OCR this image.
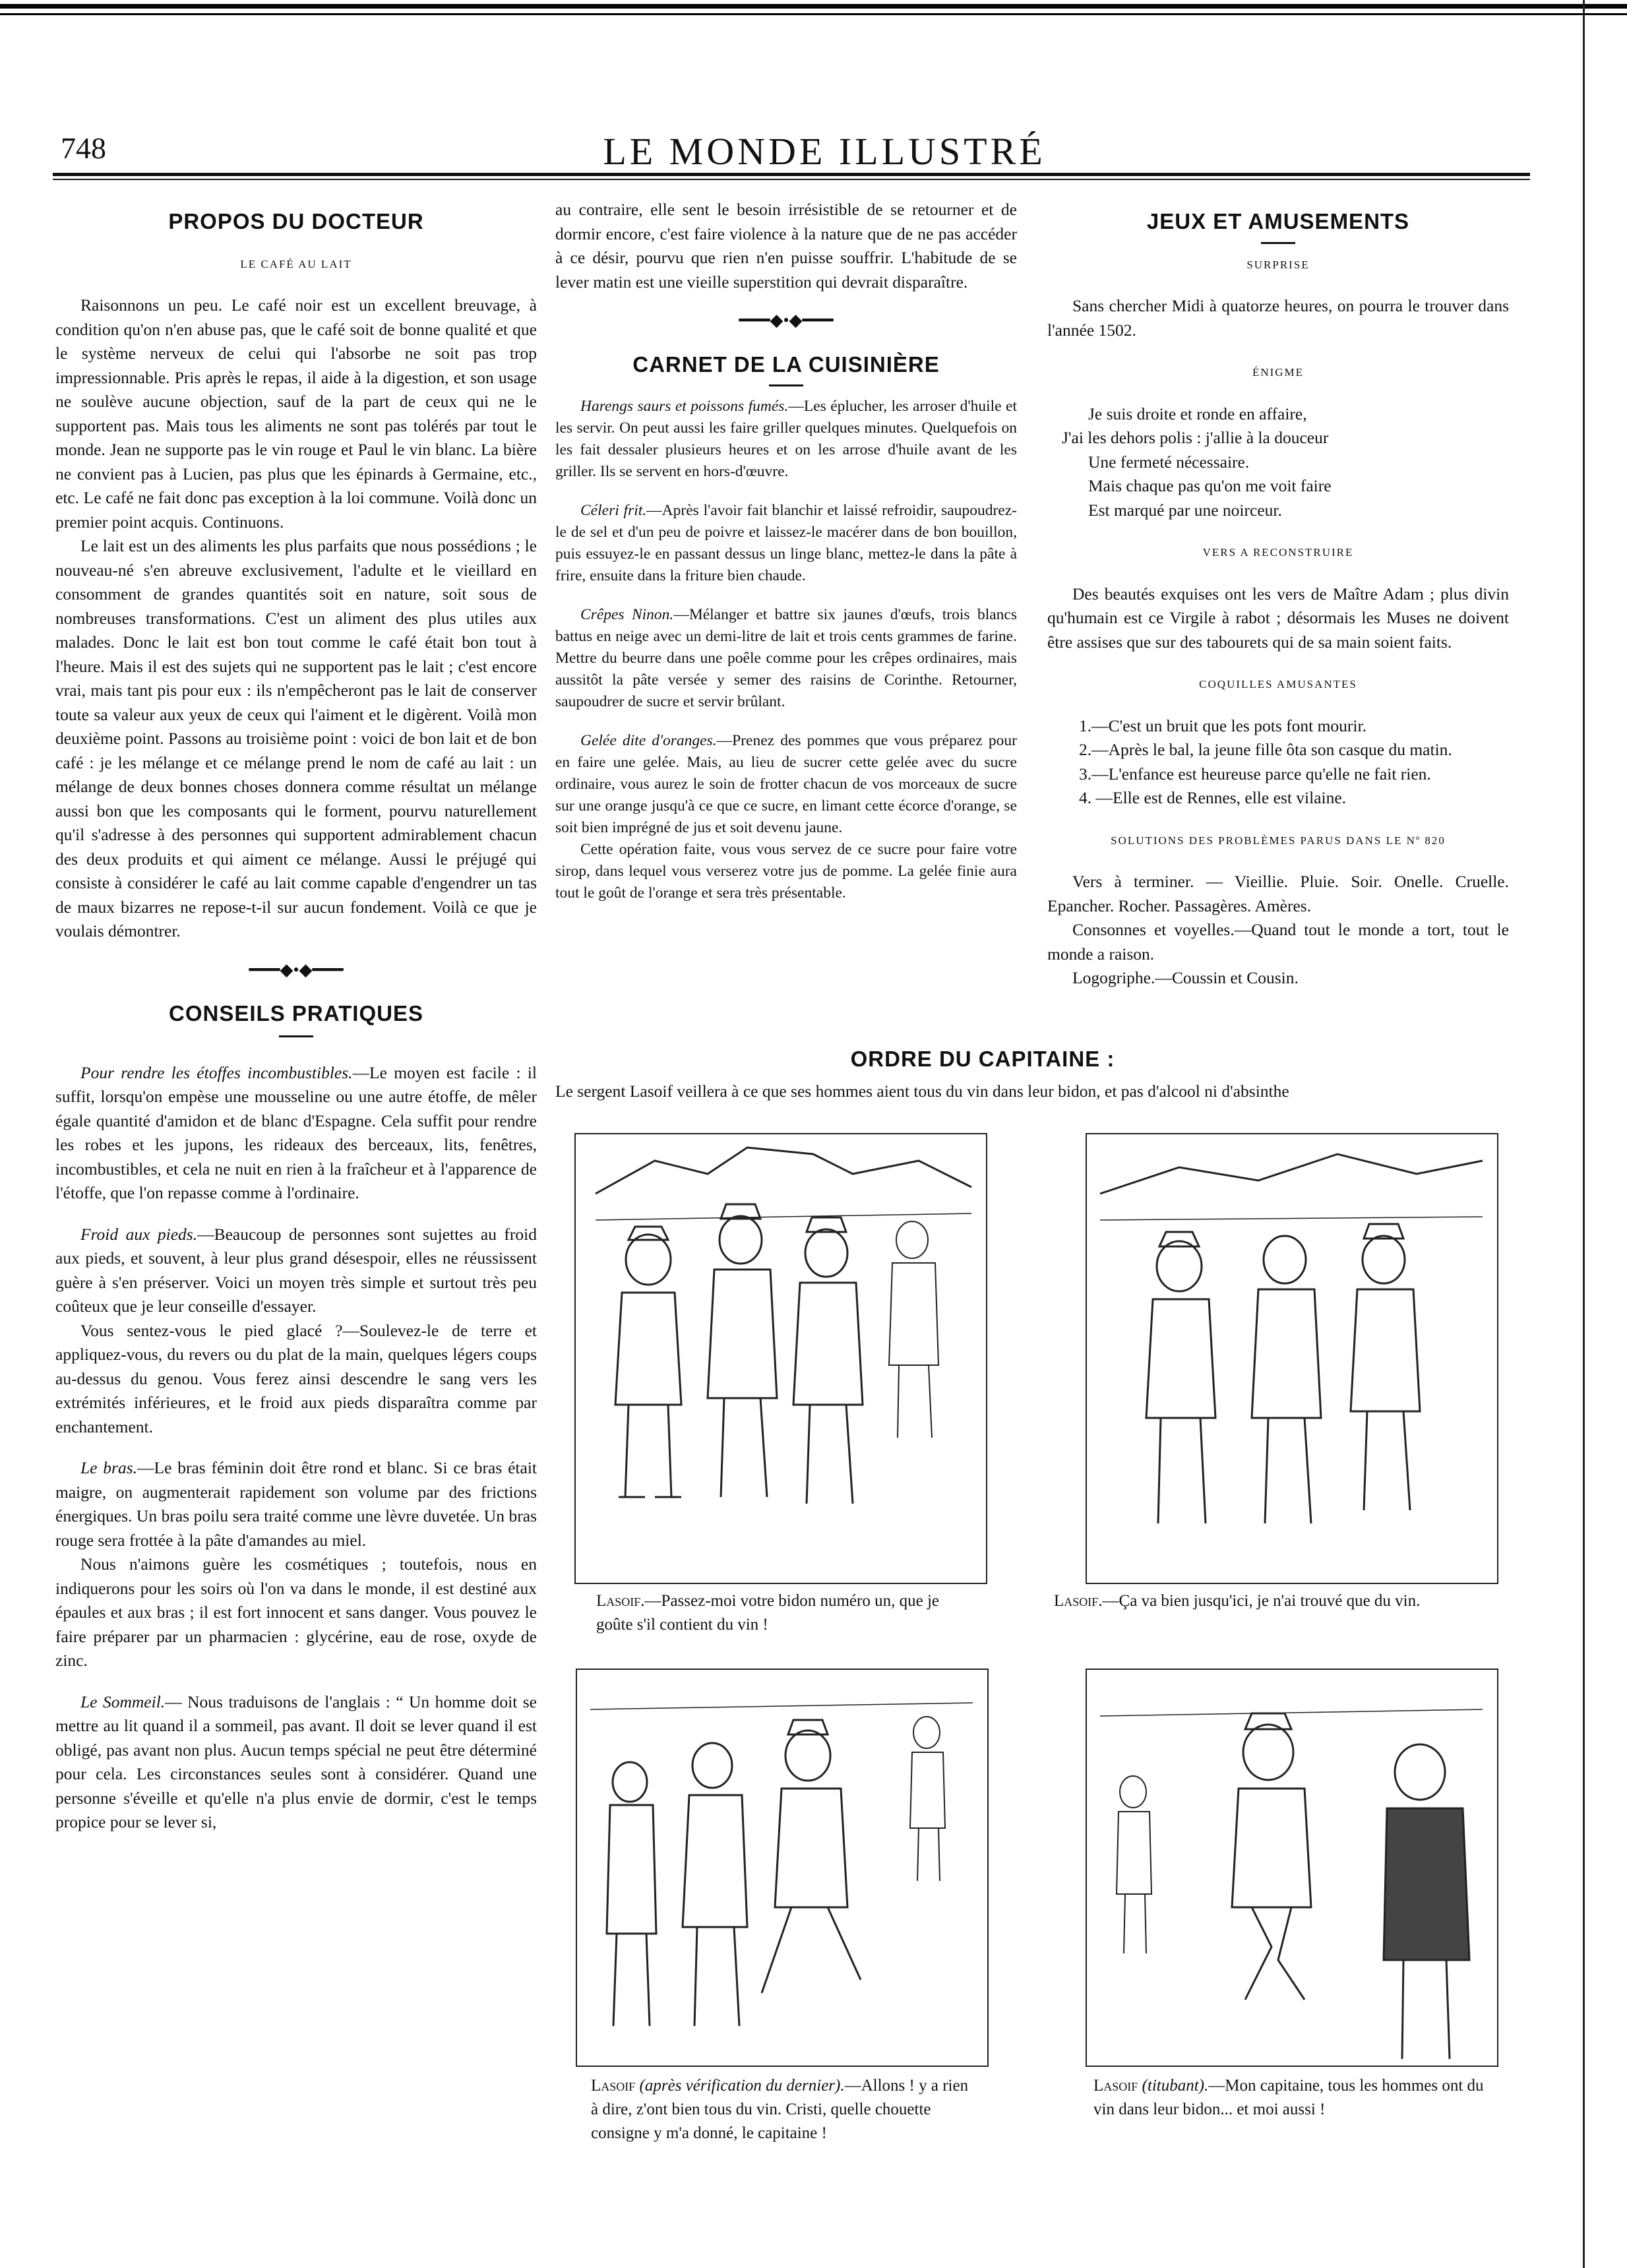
748	LE MONDE ILLUSTRÉ
PROPOS DU DOCTEUR
LE CAFÉ AU LAIT

Raisonnons un peu. Le café noir est un excellent breuvage, à condition qu'on n'en abuse pas, que le café soit de bonne qualité et que le système nerveux de celui qui l'absorbe ne soit pas trop impressionnable. Pris après le repas, il aide à la digestion, et son usage ne soulève aucune objection, sauf de la part de ceux qui ne le supportent pas. Mais tous les aliments ne sont pas tolérés par tout le monde. Jean ne supporte pas le vin rouge et Paul le vin blanc. La bière ne convient pas à Lucien, pas plus que les épinards à Germaine, etc., etc. Le café ne fait donc pas exception à la loi commune. Voilà donc un premier point acquis. Continuons.

Le lait est un des aliments les plus parfaits que nous possédions ; le nouveau-né s'en abreuve exclusivement, l'adulte et le vieillard en consomment de grandes quantités soit en nature, soit sous de nombreuses transformations. C'est un aliment des plus utiles aux malades. Donc le lait est bon tout comme le café était bon tout à l'heure. Mais il est des sujets qui ne supportent pas le lait ; c'est encore vrai, mais tant pis pour eux : ils n'empêcheront pas le lait de conserver toute sa valeur aux yeux de ceux qui l'aiment et le digèrent. Voilà mon deuxième point. Passons au troisième point : voici de bon lait et de bon café : je les mélange et ce mélange prend le nom de café au lait : un mélange de deux bonnes choses donnera comme résultat un mélange aussi bon que les composants qui le forment, pourvu naturellement qu'il s'adresse à des personnes qui supportent admirablement chacun des deux produits et qui aiment ce mélange. Aussi le préjugé qui consiste à considérer le café au lait comme capable d'engendrer un tas de maux bizarres ne repose-t-il sur aucun fondement. Voilà ce que je voulais démontrer.

━━━◆•◆━━━
CONSEILS PRATIQUES

Pour rendre les étoffes incombustibles.—Le moyen est facile : il suffit, lorsqu'on empèse une mousseline ou une autre étoffe, de mêler égale quantité d'amidon et de blanc d'Espagne. Cela suffit pour rendre les robes et les jupons, les rideaux des berceaux, lits, fenêtres, incombustibles, et cela ne nuit en rien à la fraîcheur et à l'apparence de l'étoffe, que l'on repasse comme à l'ordinaire.

Froid aux pieds.—Beaucoup de personnes sont sujettes au froid aux pieds, et souvent, à leur plus grand désespoir, elles ne réussissent guère à s'en préserver. Voici un moyen très simple et surtout très peu coûteux que je leur conseille d'essayer.

Vous sentez-vous le pied glacé ?—Soulevez-le de terre et appliquez-vous, du revers ou du plat de la main, quelques légers coups au-dessus du genou. Vous ferez ainsi descendre le sang vers les extrémités inférieures, et le froid aux pieds disparaîtra comme par enchantement.

Le bras.—Le bras féminin doit être rond et blanc. Si ce bras était maigre, on augmenterait rapidement son volume par des frictions énergiques. Un bras poilu sera traité comme une lèvre duvetée. Un bras rouge sera frottée à la pâte d'amandes au miel.

Nous n'aimons guère les cosmétiques ; toutefois, nous en indiquerons pour les soirs où l'on va dans le monde, il est destiné aux épaules et aux bras ; il est fort innocent et sans danger. Vous pouvez le faire préparer par un pharmacien : glycérine, eau de rose, oxyde de zinc.

Le Sommeil.— Nous traduisons de l'anglais : “ Un homme doit se mettre au lit quand il a sommeil, pas avant. Il doit se lever quand il est obligé, pas avant non plus. Aucun temps spécial ne peut être déterminé pour cela. Les circonstances seules sont à considérer. Quand une personne s'éveille et qu'elle n'a plus envie de dormir, c'est le temps propice pour se lever si,

au contraire, elle sent le besoin irrésistible de se retourner et de dormir encore, c'est faire violence à la nature que de ne pas accéder à ce désir, pourvu que rien n'en puisse souffrir. L'habitude de se lever matin est une vieille superstition qui devrait disparaître.

━━━◆•◆━━━
CARNET DE LA CUISINIÈRE

Harengs saurs et poissons fumés.—Les éplucher, les arroser d'huile et les servir. On peut aussi les faire griller quelques minutes. Quelquefois on les fait dessaler plusieurs heures et on les arrose d'huile avant de les griller. Ils se servent en hors-d'œuvre.

Céleri frit.—Après l'avoir fait blanchir et laissé refroidir, saupoudrez-le de sel et d'un peu de poivre et laissez-le macérer dans de bon bouillon, puis essuyez-le en passant dessus un linge blanc, mettez-le dans la pâte à frire, ensuite dans la friture bien chaude.

Crêpes Ninon.—Mélanger et battre six jaunes d'œufs, trois blancs battus en neige avec un demi-litre de lait et trois cents grammes de farine. Mettre du beurre dans une poêle comme pour les crêpes ordinaires, mais aussitôt la pâte versée y semer des raisins de Corinthe. Retourner, saupoudrer de sucre et servir brûlant.

Gelée dite d'oranges.—Prenez des pommes que vous préparez pour en faire une gelée. Mais, au lieu de sucrer cette gelée avec du sucre ordinaire, vous aurez le soin de frotter chacun de vos morceaux de sucre sur une orange jusqu'à ce que ce sucre, en limant cette écorce d'orange, se soit bien imprégné de jus et soit devenu jaune.

Cette opération faite, vous vous servez de ce sucre pour faire votre sirop, dans lequel vous verserez votre jus de pomme. La gelée finie aura tout le goût de l'orange et sera très présentable.

JEUX ET AMUSEMENTS
SURPRISE

Sans chercher Midi à quatorze heures, on pourra le trouver dans l'année 1502.

ÉNIGME

Je suis droite et ronde en affaire,

J'ai les dehors polis : j'allie à la douceur

Une fermeté nécessaire.

Mais chaque pas qu'on me voit faire

Est marqué par une noirceur.

VERS A RECONSTRUIRE

Des beautés exquises ont les vers de Maître Adam ; plus divin qu'humain est ce Virgile à rabot ; désormais les Muses ne doivent être assises que sur des tabourets qui de sa main soient faits.

COQUILLES AMUSANTES

1.—C'est un bruit que les pots font mourir.

2.—Après le bal, la jeune fille ôta son casque du matin.

3.—L'enfance est heureuse parce qu'elle ne fait rien.

4. —Elle est de Rennes, elle est vilaine.

SOLUTIONS DES PROBLÈMES PARUS DANS LE Nº 820

Vers à terminer. — Vieillie. Pluie. Soir. Onelle. Cruelle. Epancher. Rocher. Passagères. Amères.

Consonnes et voyelles.—Quand tout le monde a tort, tout le monde a raison.

Logogriphe.—Coussin et Cousin.

ORDRE DU CAPITAINE :
Le sergent Lasoif veillera à ce que ses hommes aient tous du vin dans leur bidon, et pas d'alcool ni d'absinthe
Lasoif.—Passez-moi votre bidon numéro un, que je goûte s'il contient du vin !
Lasoif.—Ça va bien jusqu'ici, je n'ai trouvé que du vin.
Lasoif (après vérification du dernier).—Allons ! y a rien à dire, z'ont bien tous du vin. Cristi, quelle chouette consigne y m'a donné, le capitaine !
Lasoif (titubant).—Mon capitaine, tous les hommes ont du vin dans leur bidon... et moi aussi !
